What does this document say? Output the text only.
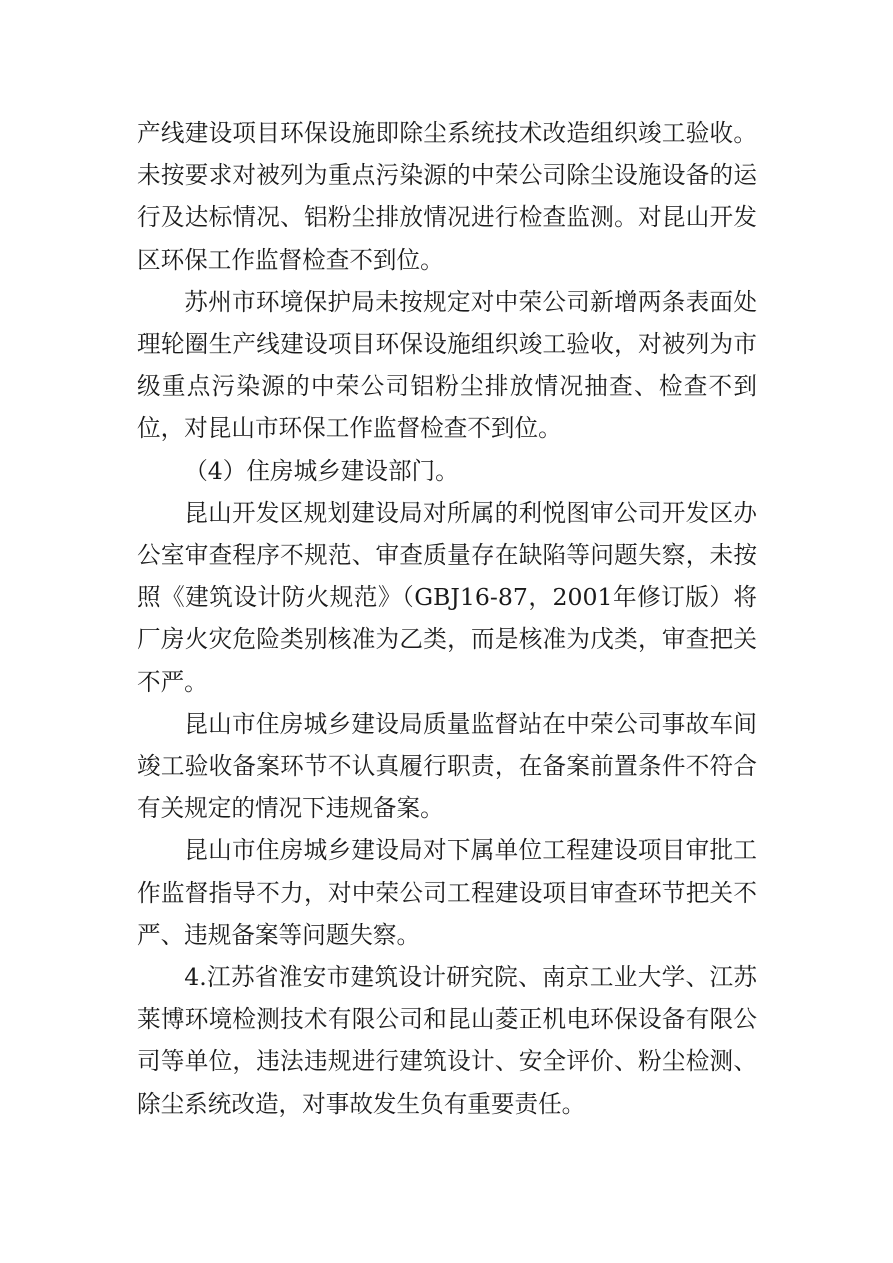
产线建设项目环保设施即除尘系统技术改造组织竣工验收。未按要求对被列为重点污染源的中荣公司除尘设施设备的运行及达标情况、铝粉尘排放情况进行检查监测。对昆山开发区环保工作监督检查不到位。

苏州市环境保护局未按规定对中荣公司新增两条表面处理轮圈生产线建设项目环保设施组织竣工验收，对被列为市级重点污染源的中荣公司铝粉尘排放情况抽查、检查不到位，对昆山市环保工作监督检查不到位。

（4）住房城乡建设部门。

昆山开发区规划建设局对所属的利悦图审公司开发区办公室审查程序不规范、审查质量存在缺陷等问题失察，未按照《建筑设计防火规范》（GBJ16-87，2001年修订版）将厂房火灾危险类别核准为乙类，而是核准为戊类，审查把关不严。

昆山市住房城乡建设局质量监督站在中荣公司事故车间竣工验收备案环节不认真履行职责，在备案前置条件不符合有关规定的情况下违规备案。

昆山市住房城乡建设局对下属单位工程建设项目审批工作监督指导不力，对中荣公司工程建设项目审查环节把关不严、违规备案等问题失察。

4.江苏省淮安市建筑设计研究院、南京工业大学、江苏莱博环境检测技术有限公司和昆山菱正机电环保设备有限公司等单位，违法违规进行建筑设计、安全评价、粉尘检测、除尘系统改造，对事故发生负有重要责任。
